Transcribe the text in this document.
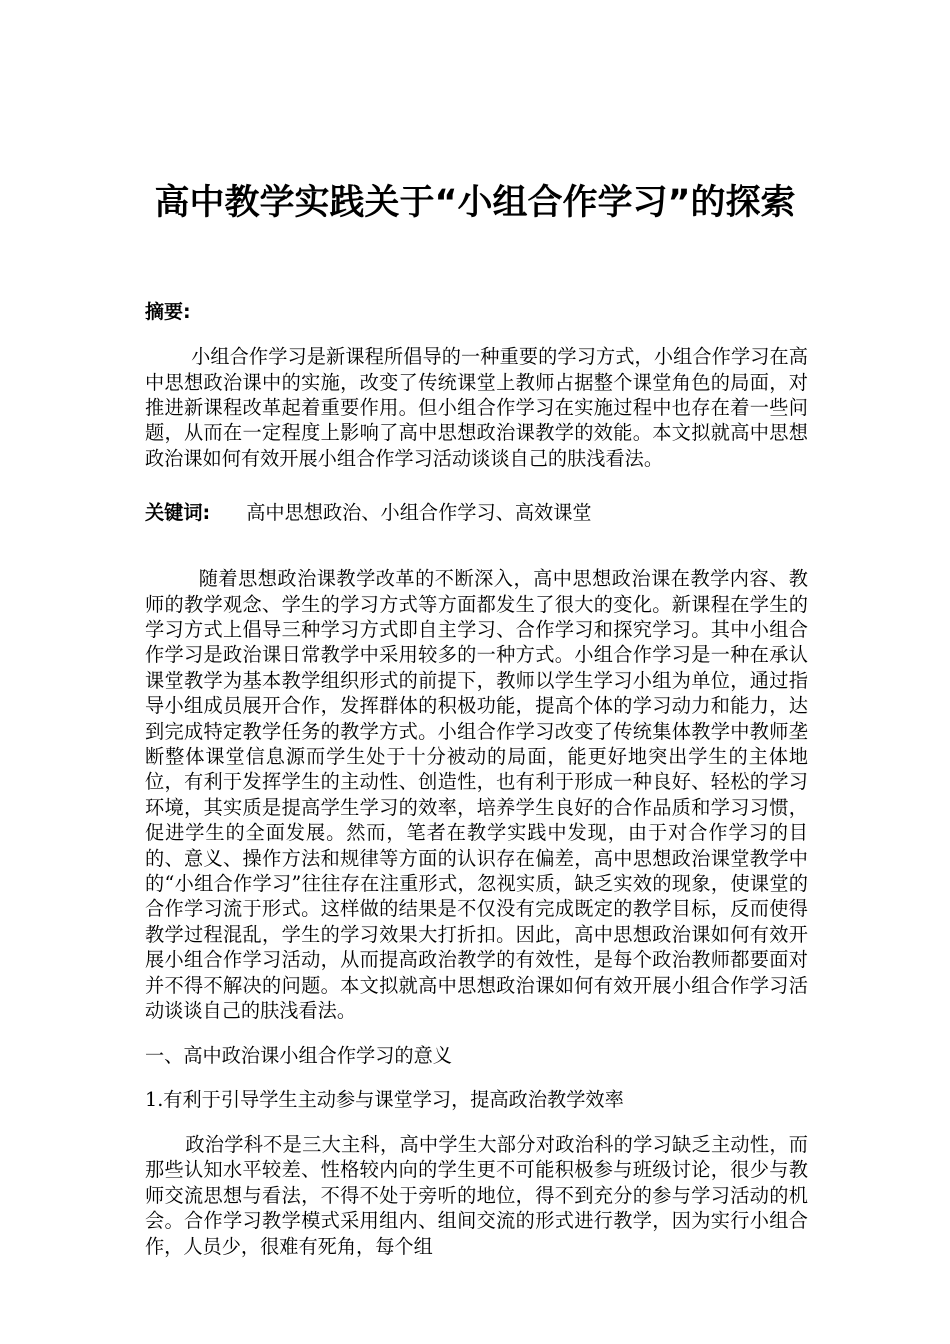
高中教学实践关于“小组合作学习”的探索
摘要:

小组合作学习是新课程所倡导的一种重要的学习方式，小组合作学习在高中思想政治课中的实施，改变了传统课堂上教师占据整个课堂角色的局面，对推进新课程改革起着重要作用。但小组合作学习在实施过程中也存在着一些问题，从而在一定程度上影响了高中思想政治课教学的效能。本文拟就高中思想政治课如何有效开展小组合作学习活动谈谈自己的肤浅看法。

关键词: 高中思想政治、小组合作学习、高效课堂

随着思想政治课教学改革的不断深入，高中思想政治课在教学内容、教师的教学观念、学生的学习方式等方面都发生了很大的变化。新课程在学生的学习方式上倡导三种学习方式即自主学习、合作学习和探究学习。其中小组合作学习是政治课日常教学中采用较多的一种方式。小组合作学习是一种在承认课堂教学为基本教学组织形式的前提下，教师以学生学习小组为单位，通过指导小组成员展开合作，发挥群体的积极功能，提高个体的学习动力和能力，达到完成特定教学任务的教学方式。小组合作学习改变了传统集体教学中教师垄断整体课堂信息源而学生处于十分被动的局面，能更好地突出学生的主体地位，有利于发挥学生的主动性、创造性，也有利于形成一种良好、轻松的学习环境，其实质是提高学生学习的效率，培养学生良好的合作品质和学习习惯，促进学生的全面发展。然而，笔者在教学实践中发现，由于对合作学习的目的、意义、操作方法和规律等方面的认识存在偏差，高中思想政治课堂教学中的“小组合作学习”往往存在注重形式，忽视实质，缺乏实效的现象，使课堂的合作学习流于形式。这样做的结果是不仅没有完成既定的教学目标，反而使得教学过程混乱，学生的学习效果大打折扣。因此，高中思想政治课如何有效开展小组合作学习活动，从而提高政治教学的有效性，是每个政治教师都要面对并不得不解决的问题。本文拟就高中思想政治课如何有效开展小组合作学习活动谈谈自己的肤浅看法。

一、高中政治课小组合作学习的意义

1.有利于引导学生主动参与课堂学习，提高政治教学效率

政治学科不是三大主科，高中学生大部分对政治科的学习缺乏主动性，而那些认知水平较差、性格较内向的学生更不可能积极参与班级讨论，很少与教师交流思想与看法，不得不处于旁听的地位，得不到充分的参与学习活动的机会。合作学习教学模式采用组内、组间交流的形式进行教学，因为实行小组合作，人员少，很难有死角，每个组
